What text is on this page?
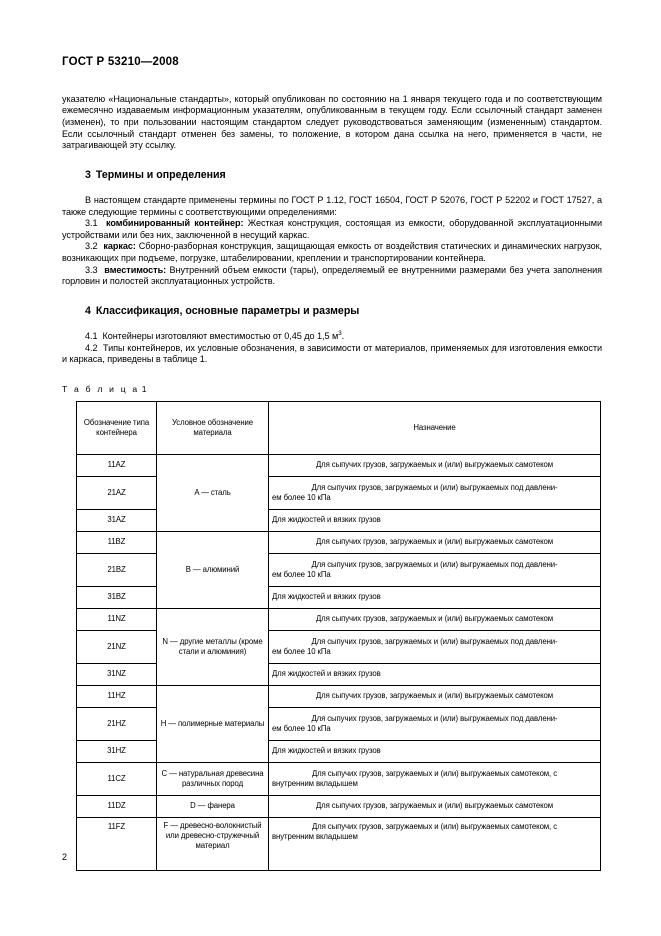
ГОСТ Р 53210—2008

указателю «Национальные стандарты», который опубликован по состоянию на 1 января текущего года и по соответствующим ежемесячно издаваемым информационным указателям, опубликованным в текущем году. Если ссылочный стандарт заменен (изменен), то при пользовании настоящим стандартом следует руководствоваться заменяющим (измененным) стандартом. Если ссылочный стандарт отменен без замены, то положение, в котором дана ссылка на него, применяется в части, не затрагивающей эту ссылку.

3 Термины и определения

В настоящем стандарте применены термины по ГОСТ Р 1.12, ГОСТ 16504, ГОСТ Р 52076, ГОСТ Р 52202 и ГОСТ 17527, а также следующие термины с соответствующими определениями:

3.1 комбинированный контейнер: Жесткая конструкция, состоящая из емкости, оборудованной эксплуатационными устройствами или без них, заключенной в несущий каркас.

3.2 каркас: Сборно-разборная конструкция, защищающая емкость от воздействия статических и динамических нагрузок, возникающих при подъеме, погрузке, штабелировании, креплении и транспортировании контейнера.

3.3 вместимость: Внутренний объем емкости (тары), определяемый ее внутренними размерами без учета заполнения горловин и полостей эксплуатационных устройств.

4 Классификация, основные параметры и размеры

4.1 Контейнеры изготовляют вместимостью от 0,45 до 1,5 $м^3$.

4.2 Типы контейнеров, их условные обозначения, в зависимости от материалов, применяемых для изготовления емкости и каркаса, приведены в таблице 1.

Т а б л и ц а 1
Обозначение типа контейнера	Условное обозначение материала	Назначение
11AZ	A — сталь	Для сыпучих грузов, загружаемых и (или) выгружаемых самотеком
21AZ		Для сыпучих грузов, загружаемых и (или) выгружаемых под давлени-
ем более 10 кПа

31AZ		Для жидкостей и вязких грузов
11BZ	B — алюминий	Для сыпучих грузов, загружаемых и (или) выгружаемых самотеком
21BZ		Для сыпучих грузов, загружаемых и (или) выгружаемых под давлени-
ем более 10 кПа

31BZ		Для жидкостей и вязких грузов
11NZ	N — другие металлы (кроме стали и алюминия)	Для сыпучих грузов, загружаемых и (или) выгружаемых самотеком
21NZ		Для сыпучих грузов, загружаемых и (или) выгружаемых под давлени-
ем более 10 кПа

31NZ		Для жидкостей и вязких грузов
11HZ	H — полимерные материалы	Для сыпучих грузов, загружаемых и (или) выгружаемых самотеком
21HZ		Для сыпучих грузов, загружаемых и (или) выгружаемых под давлени-
ем более 10 кПа

31HZ		Для жидкостей и вязких грузов
11CZ	C — натуральная древесина различных пород	Для сыпучих грузов, загружаемых и (или) выгружаемых самотеком, с
внутренним вкладышем

11DZ	D — фанера	Для сыпучих грузов, загружаемых и (или) выгружаемых самотеком
11FZ	F — древесно-волокнистый или древесно-стружечный материал	Для сыпучих грузов, загружаемых и (или) выгружаемых самотеком, с
внутренним вкладышем
2
